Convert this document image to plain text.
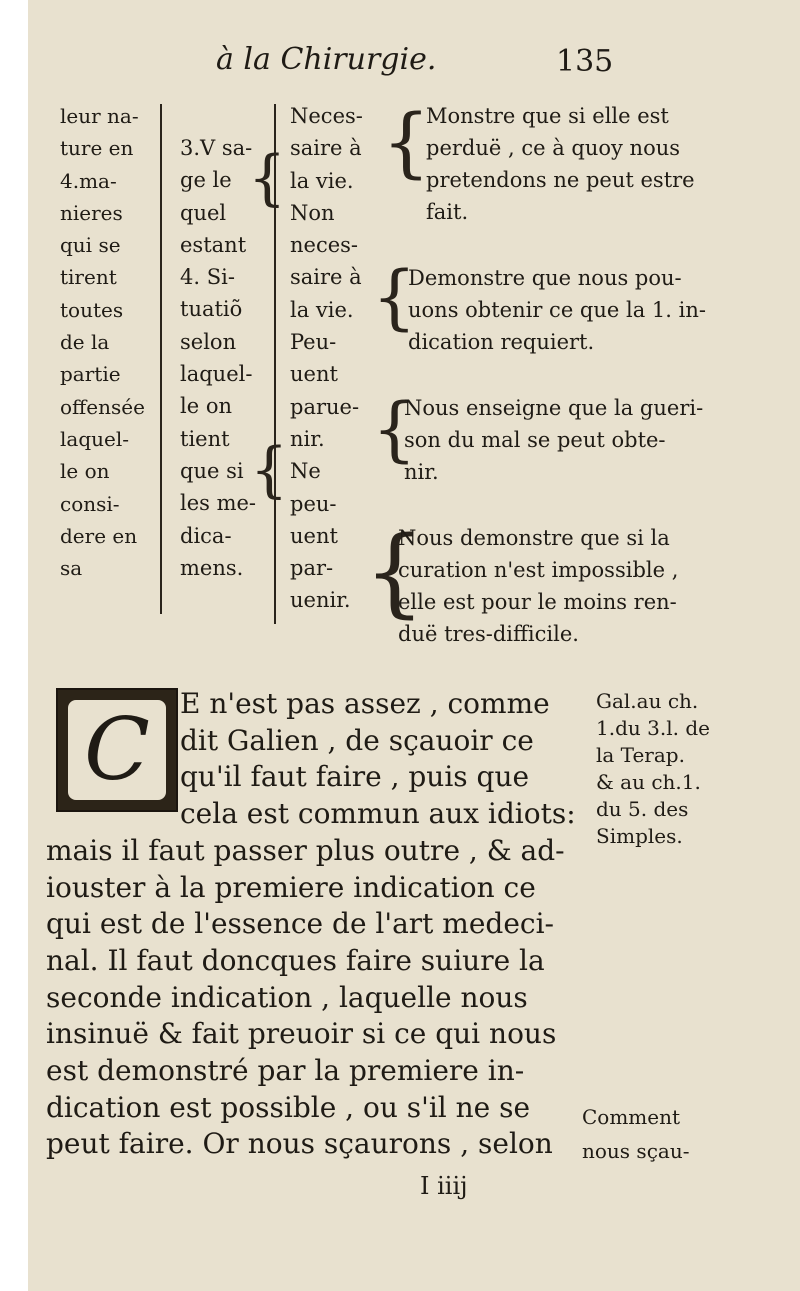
à la Chirurgie.	135
leur na-
ture en
4.ma-
nieres
qui se
tirent
toutes
de la
partie
offensée
laquel-
le on
consi-
dere en
sa
3.V sa-
ge le
quel
estant
4. Si-
tuatiõ
selon
laquel-
le on
tient
que si
les me-
dica-
mens.
{
{
Neces-
saire à
la vie.
Non
neces-
saire à
la vie.
Peu-
uent
parue-
nir.
Ne
peu-
uent
par-
uenir.
{
{
{
{
Monstre que si elle est
perduë , ce à quoy nous
pretendons ne peut estre
fait.
Demonstre que nous pou-
uons obtenir ce que la 1. in-
dication requiert.
Nous enseigne que la gueri-
son du mal se peut obte-
nir.
Nous demonstre que si la
curation n'est impossible ,
elle est pour le moins ren-
duë tres-difficile.
C	E n'est pas assez , comme
dit Galien , de sçauoir ce
qu'il faut faire , puis que
cela est commun aux idiots:
mais il faut passer plus outre , & ad-
iouster à la premiere indication ce
qui est de l'essence de l'art medeci-
nal. Il faut doncques faire suiure la
seconde indication , laquelle nous
insinuë & fait preuoir si ce qui nous
est demonstré par la premiere in-
dication est possible , ou s'il ne se
peut faire. Or nous sçaurons , selon
Gal.au ch.
1.du 3.l. de
la Terap.
& au ch.1.
du 5. des
Simples.
Comment
nous sçau-
I iiij
